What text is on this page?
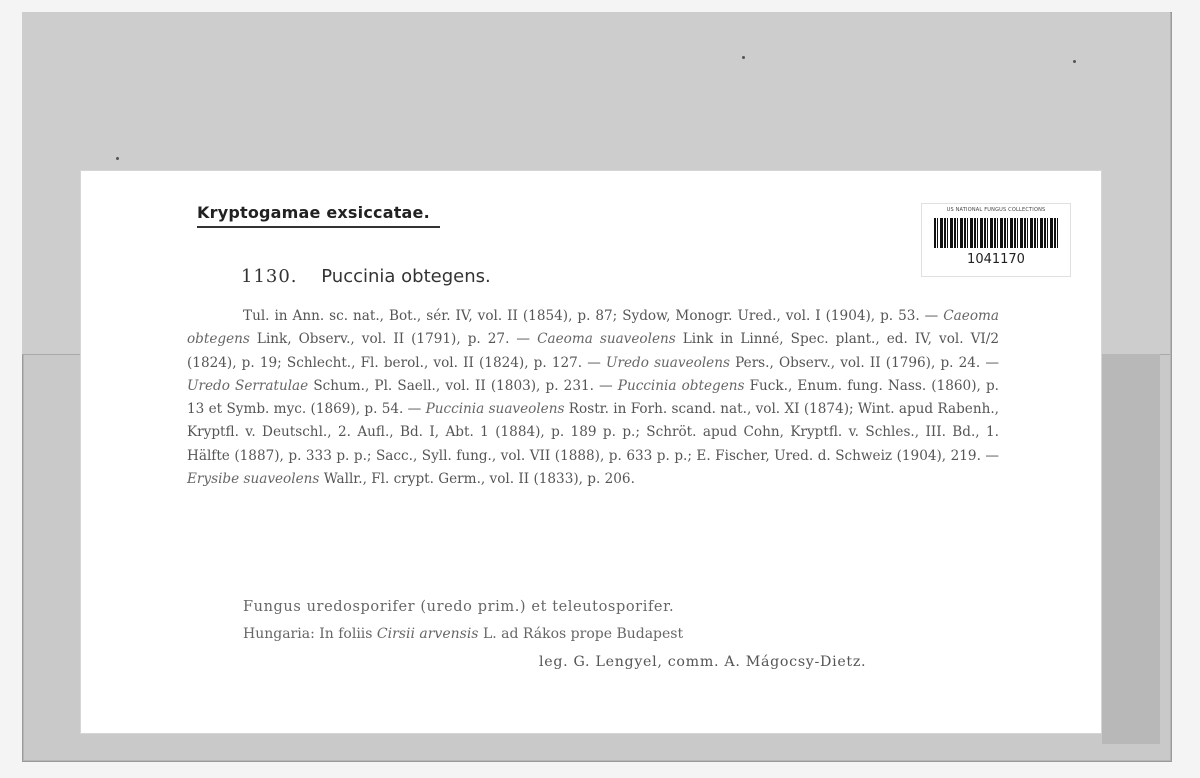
Kryptogamae exsiccatae.	US NATIONAL FUNGUS COLLECTIONS
1041170
1130. Puccinia obtegens.

Tul. in Ann. sc. nat., Bot., sér. IV, vol. II (1854), p. 87; Sydow, Monogr. Ured., vol. I (1904), p. 53. — Caeoma obtegens Link, Observ., vol. II (1791), p. 27. — Caeoma suaveolens Link in Linné, Spec. plant., ed. IV, vol. VI/2 (1824), p. 19; Schlecht., Fl. berol., vol. II (1824), p. 127. — Uredo suaveolens Pers., Observ., vol. II (1796), p. 24. — Uredo Serratulae Schum., Pl. Saell., vol. II (1803), p. 231. — Puccinia obtegens Fuck., Enum. fung. Nass. (1860), p. 13 et Symb. myc. (1869), p. 54. — Puccinia suaveolens Rostr. in Forh. scand. nat., vol. XI (1874); Wint. apud Rabenh., Kryptfl. v. Deutschl., 2. Aufl., Bd. I, Abt. 1 (1884), p. 189 p. p.; Schröt. apud Cohn, Kryptfl. v. Schles., III. Bd., 1. Hälfte (1887), p. 333 p. p.; Sacc., Syll. fung., vol. VII (1888), p. 633 p. p.; E. Fischer, Ured. d. Schweiz (1904), 219. — Erysibe suaveolens Wallr., Fl. crypt. Germ., vol. II (1833), p. 206.

Fungus uredosporifer (uredo prim.) et teleutosporifer.
Hungaria: In foliis Cirsii arvensis L. ad Rákos prope Budapest
leg. G. Lengyel, comm. A. Mágocsy-Dietz.
